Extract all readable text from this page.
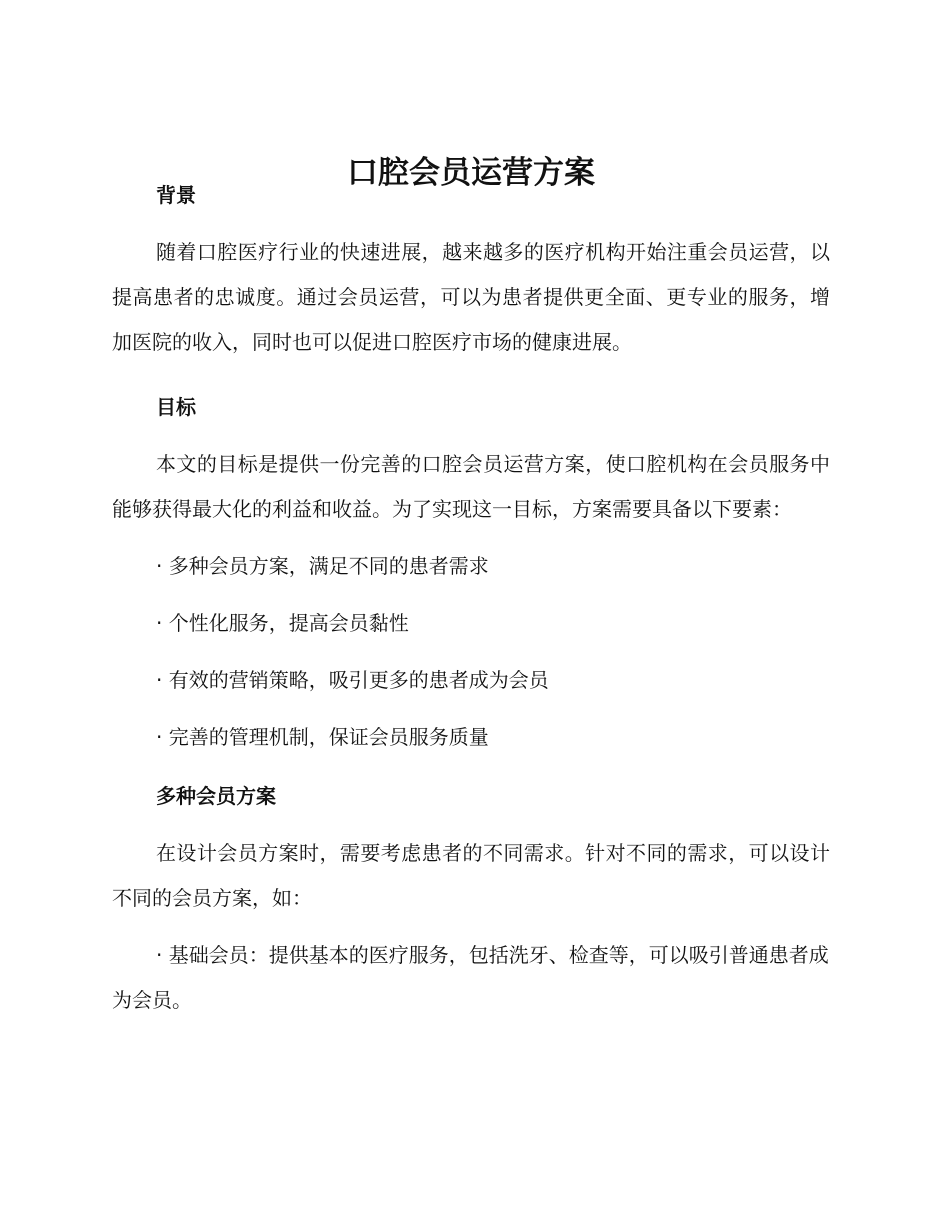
口腔会员运营方案
背景

随着口腔医疗行业的快速进展，越来越多的医疗机构开始注重会员运营，以提高患者的忠诚度。通过会员运营，可以为患者提供更全面、更专业的服务，增加医院的收入，同时也可以促进口腔医疗市场的健康进展。

目标

本文的目标是提供一份完善的口腔会员运营方案，使口腔机构在会员服务中能够获得最大化的利益和收益。为了实现这一目标，方案需要具备以下要素：

· 多种会员方案，满足不同的患者需求

· 个性化服务，提高会员黏性

· 有效的营销策略，吸引更多的患者成为会员

· 完善的管理机制，保证会员服务质量

多种会员方案

在设计会员方案时，需要考虑患者的不同需求。针对不同的需求，可以设计不同的会员方案，如：

· 基础会员：提供基本的医疗服务，包括洗牙、检查等，可以吸引普通患者成为会员。
